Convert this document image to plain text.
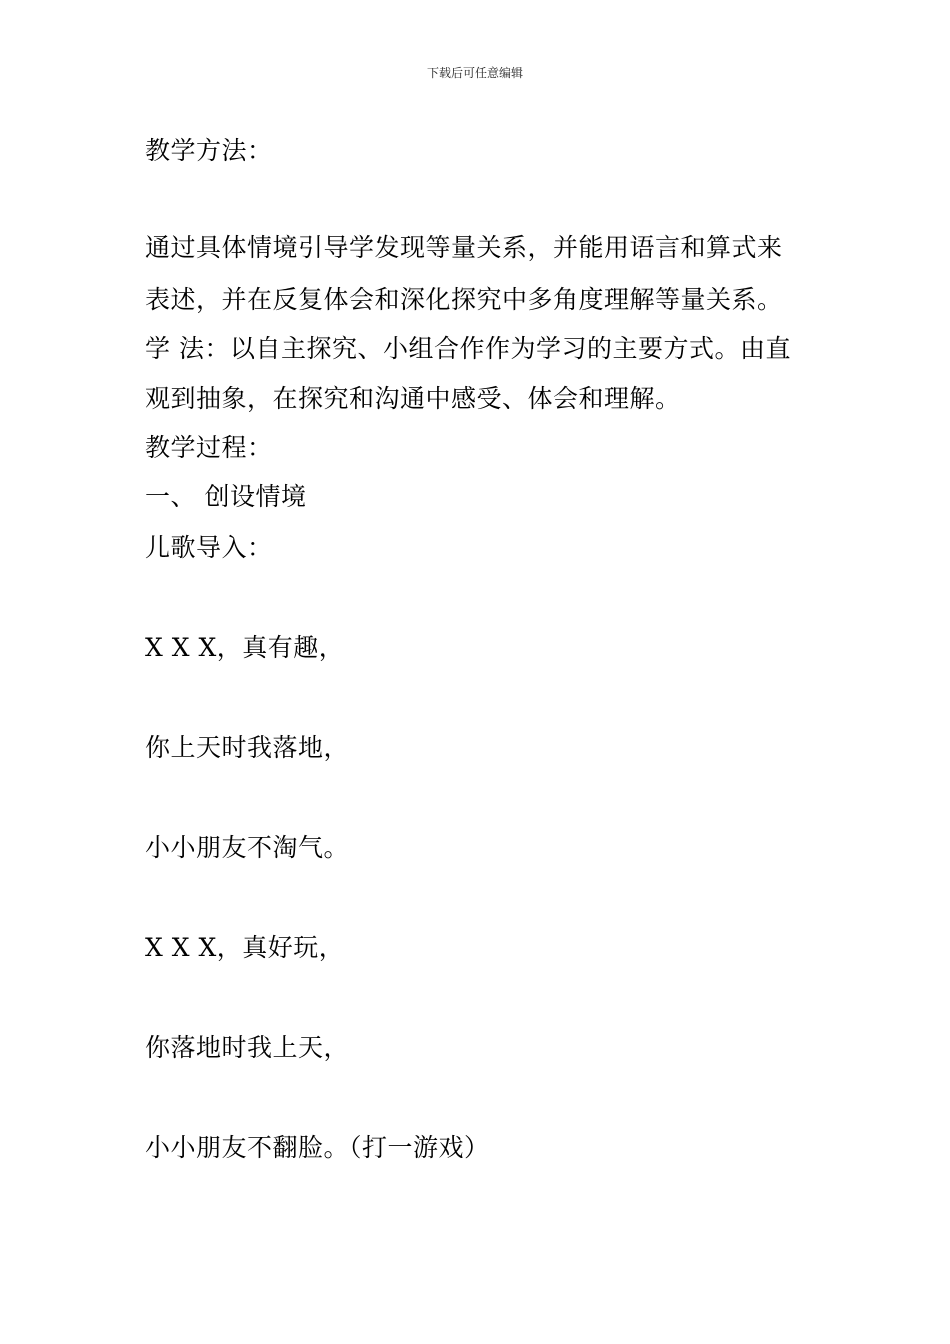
下载后可任意编辑
教学方法：
通过具体情境引导学发现等量关系，并能用语言和算式来
表述，并在反复体会和深化探究中多角度理解等量关系。
学 法：以自主探究、小组合作作为学习的主要方式。由直
观到抽象，在探究和沟通中感受、体会和理解。
教学过程：
一、 创设情境
儿歌导入：
X X X，真有趣，
你上天时我落地，
小小朋友不淘气。
X X X，真好玩，
你落地时我上天，
小小朋友不翻脸。（打一游戏）
